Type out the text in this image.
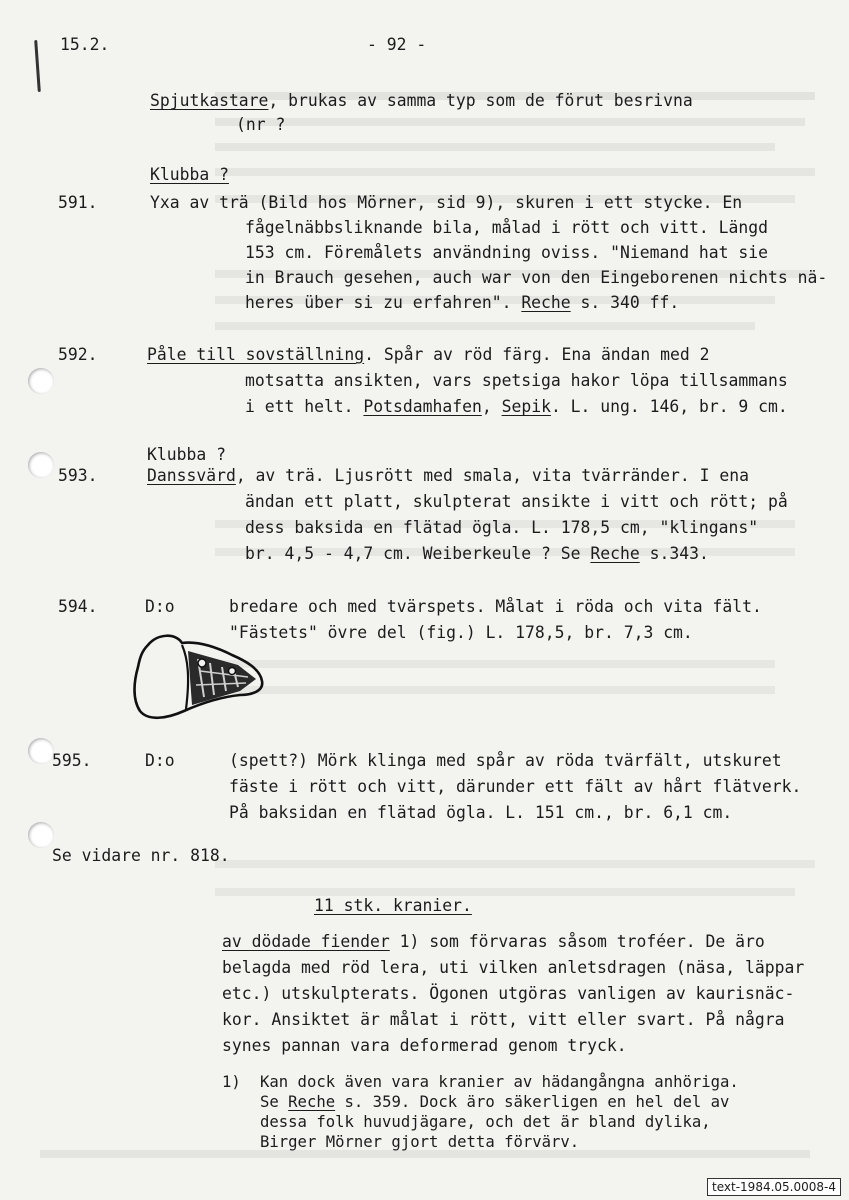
15.2.	- 92 -
Spjutkastare, brukas av samma typ som de förut besrivna
(nr ?
Klubba ?
591.	Yxa av trä (Bild hos Mörner, sid 9), skuren i ett stycke. En
fågelnäbbsliknande bila, målad i rött och vitt. Längd
153 cm. Föremålets användning oviss. "Niemand hat sie
in Brauch gesehen, auch war von den Eingeborenen nichts nä-
heres über si zu erfahren". Reche s. 340 ff.
592.	Påle till sovställning. Spår av röd färg. Ena ändan med 2
motsatta ansikten, vars spetsiga hakor löpa tillsammans
i ett helt. Potsdamhafen, Sepik. L. ung. 146, br. 9 cm.
Klubba ?
593.	Danssvärd, av trä. Ljusrött med smala, vita tvärränder. I ena
ändan ett platt, skulpterat ansikte i vitt och rött; på
dess baksida en flätad ögla. L. 178,5 cm, "klingans"
br. 4,5 - 4,7 cm. Weiberkeule ? Se Reche s.343.
594.	D:o	bredare och med tvärspets. Målat i röda och vita fält.
"Fästets" övre del (fig.) L. 178,5, br. 7,3 cm.
595.	D:o	(spett?) Mörk klinga med spår av röda tvärfält, utskuret
fäste i rött och vitt, därunder ett fält av hårt flätverk.
På baksidan en flätad ögla. L. 151 cm., br. 6,1 cm.
Se vidare nr. 818.
11 stk. kranier.
av dödade fiender 1) som förvaras såsom troféer. De äro
belagda med röd lera, uti vilken anletsdragen (näsa, läppar
etc.) utskulpterats. Ögonen utgöras vanligen av kaurisnäc-
kor. Ansiktet är målat i rött, vitt eller svart. På några
synes pannan vara deformerad genom tryck.
1) Kan dock även vara kranier av hädangångna anhöriga.
Se Reche s. 359. Dock äro säkerligen en hel del av
dessa folk huvudjägare, och det är bland dylika,
Birger Mörner gjort detta förvärv.
text-1984.05.0008-4
